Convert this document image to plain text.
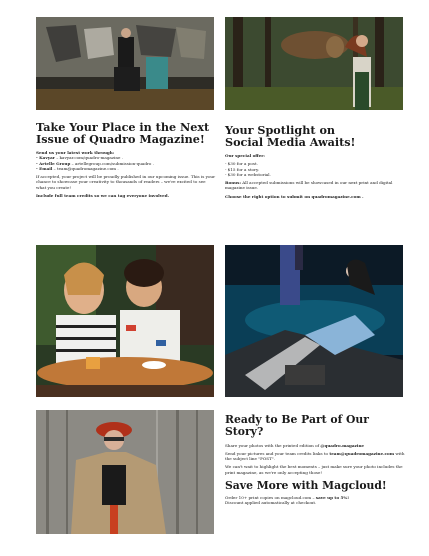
Take Your Place in the Next
Issue of Quadro Magazine!

Send us your latest work through:

- Kavyar – kavyar.com/quadro-magazine .

- Artelle Group – artellegroup.com/submission-quadro .

- Email – team@quadromagazine.com .

If accepted, your project will be proudly published in our upcoming issue. This is your chance to showcase your creativity to thousands of readers – we're excited to see what you create!

Include full team credits so we can tag everyone involved.

Your Spotlight on
Social Media Awaits!

Our special offer:

- $30 for a post.

- $15 for a story.

- $30 for a webstorial.

Bonus: All accepted submissions will be showcased in our next print and digital magazine issue.

Choose the right option to submit on quadromagazine.com .

Ready to Be Part of Our Story?

Share your photos with the printed edition of @quadro.magazine

Send your pictures and your team credits links to team@quadromagazine.com with the subject line "POST".

We can't wait to highlight the best moments – just make sure your photo includes the print magazine, as we're only accepting those!

Save More with Magcloud!

Order 10+ print copies on magcloud.com – save up to 5%!

Discount applied automatically at checkout.
